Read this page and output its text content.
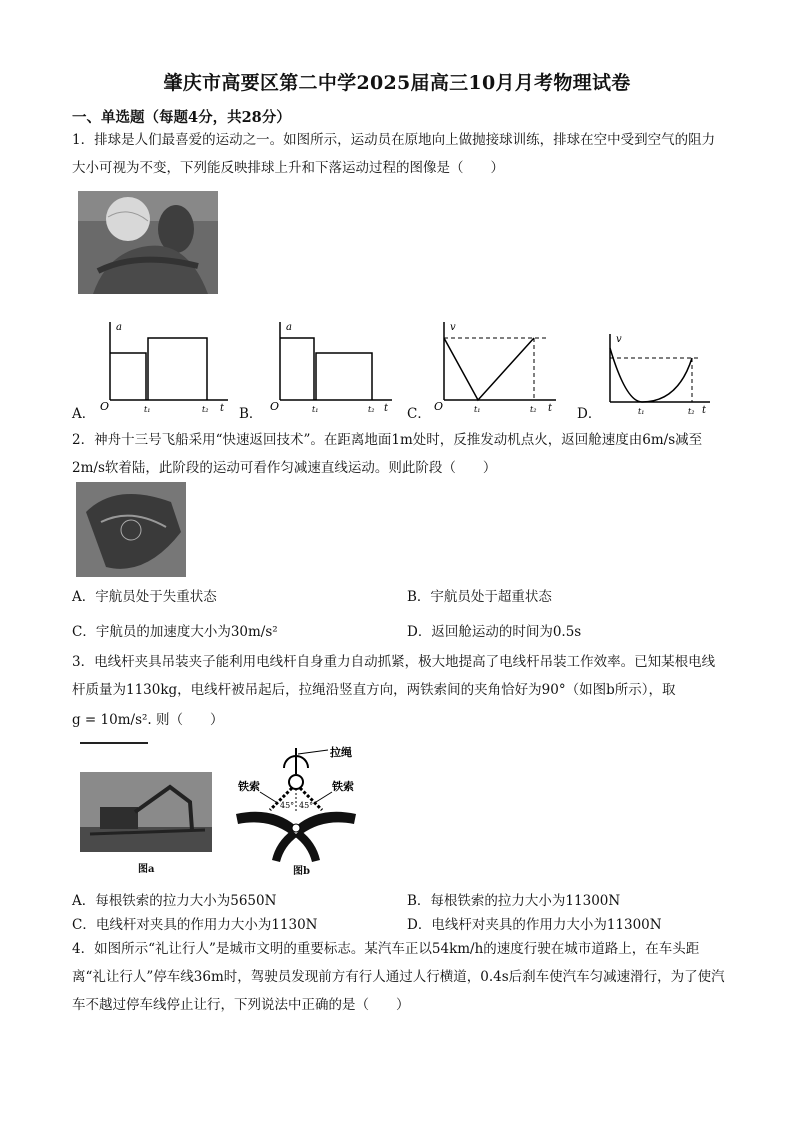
肇庆市高要区第二中学2025届高三10月月考物理试卷
一、单选题（每题4分，共28分）
1．排球是人们最喜爱的运动之一。如图所示，运动员在原地向上做抛接球训练，排球在空中受到空气的阻力大小可视为不变，下列能反映排球上升和下落运动过程的图像是（　　）
A．
a
O	t₁	t₂ t B．
a
O	t₁	t₂ t C．
v
O	t₁	t₂ t D．
v
t₁	t₂ t
2．神舟十三号飞船采用“快速返回技术”。在距离地面1m处时，反推发动机点火，返回舱速度由6m/s减至2m/s软着陆，此阶段的运动可看作匀减速直线运动。则此阶段（　　）
A．宇航员处于失重状态	B．宇航员处于超重状态
C．宇航员的加速度大小为30m/s²	D．返回舱运动的时间为0.5s
3．电线杆夹具吊装夹子能利用电线杆自身重力自动抓紧，极大地提高了电线杆吊装工作效率。已知某根电线杆质量为1130kg，电线杆被吊起后，拉绳沿竖直方向，两铁索间的夹角恰好为90°（如图b所示），取
g = 10m/s². 则（　　）
图a
拉绳
45° 45°
铁索	铁索
图b
A．每根铁索的拉力大小为5650N	B．每根铁索的拉力大小为11300N
C．电线杆对夹具的作用力大小为1130N	D．电线杆对夹具的作用力大小为11300N
4．如图所示“礼让行人”是城市文明的重要标志。某汽车正以54km/h的速度行驶在城市道路上，在车头距离“礼让行人”停车线36m时，驾驶员发现前方有行人通过人行横道，0.4s后刹车使汽车匀减速滑行，为了使汽车不越过停车线停止让行，下列说法中正确的是（　　）
